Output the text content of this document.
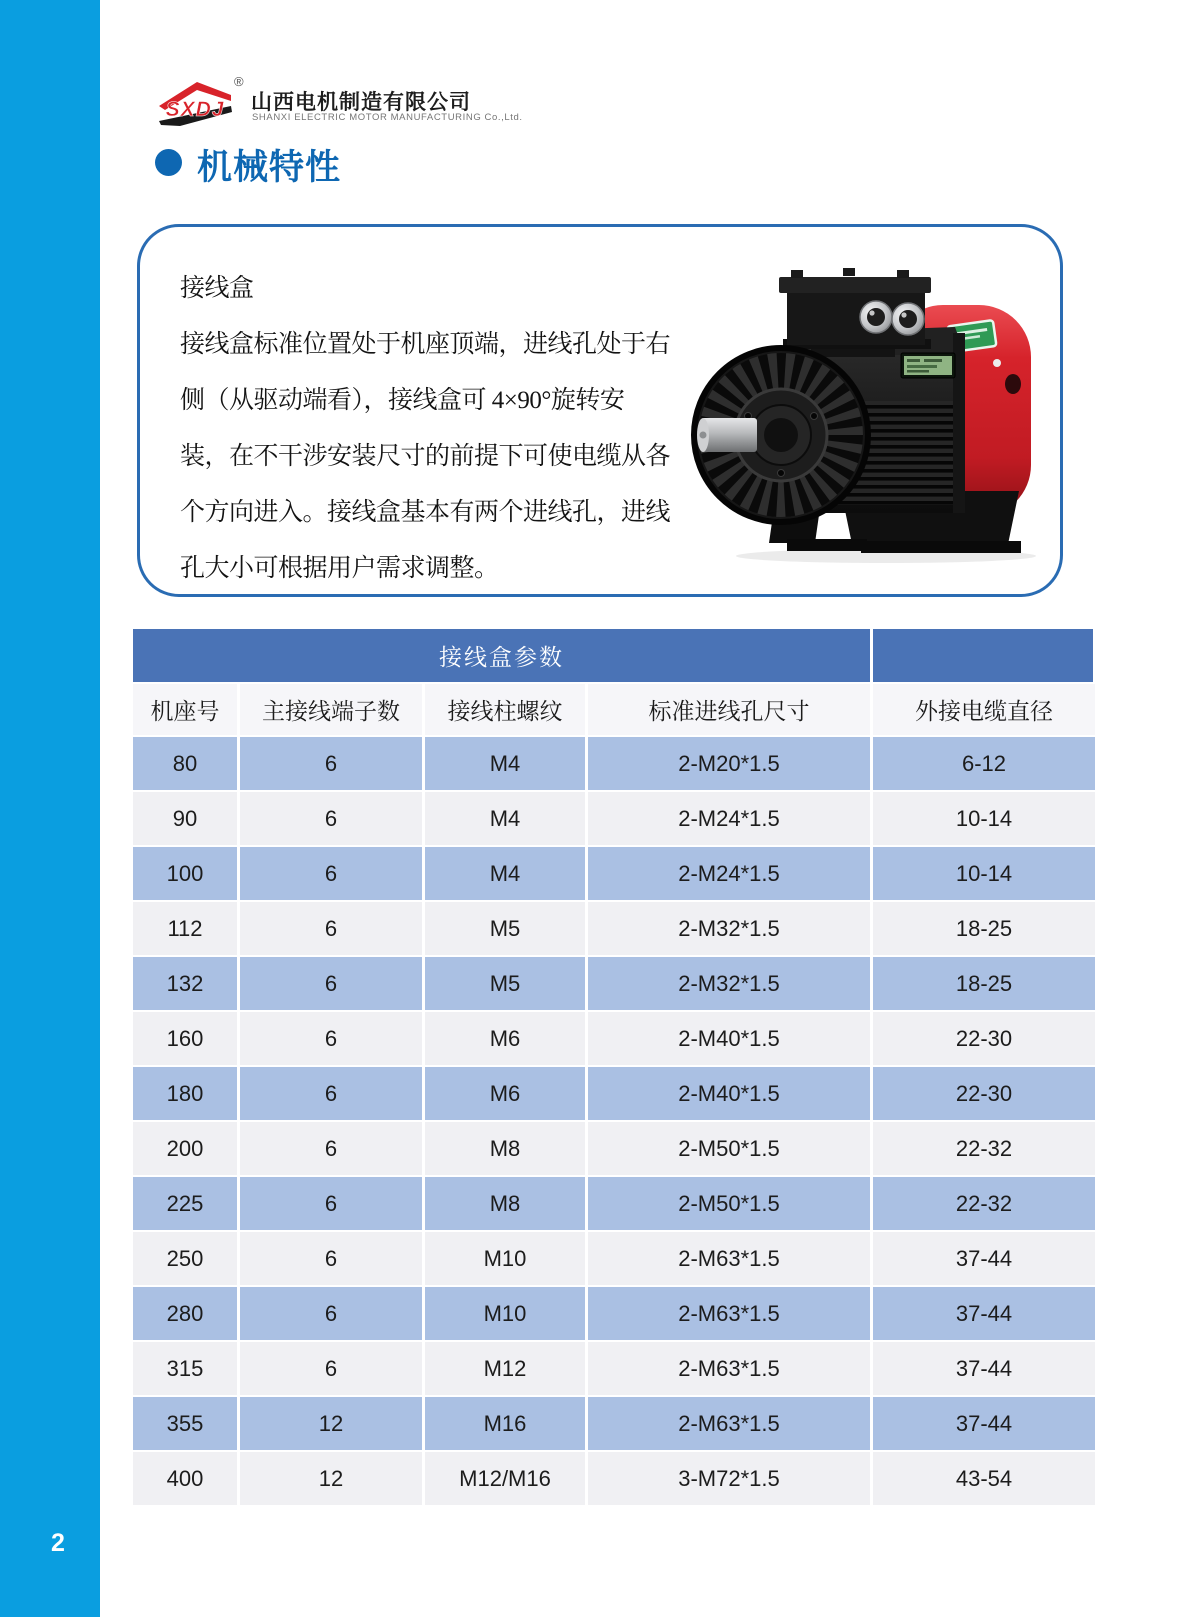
2
SXDJ
®
山西电机制造有限公司
SHANXI ELECTRIC MOTOR MANUFACTURING Co.,Ltd.
机械特性
接线盒
接线盒标准位置处于机座顶端，进线孔处于右
侧（从驱动端看），接线盒可 4×90°旋转安
装，在不干涉安装尺寸的前提下可使电缆从各
个方向进入。接线盒基本有两个进线孔，进线
孔大小可根据用户需求调整。
接线盒参数
机座号	主接线端子数	接线柱螺纹	标准进线孔尺寸	外接电缆直径
80	6	M4	2-M20*1.5	6-12
90	6	M4	2-M24*1.5	10-14
100	6	M4	2-M24*1.5	10-14
112	6	M5	2-M32*1.5	18-25
132	6	M5	2-M32*1.5	18-25
160	6	M6	2-M40*1.5	22-30
180	6	M6	2-M40*1.5	22-30
200	6	M8	2-M50*1.5	22-32
225	6	M8	2-M50*1.5	22-32
250	6	M10	2-M63*1.5	37-44
280	6	M10	2-M63*1.5	37-44
315	6	M12	2-M63*1.5	37-44
355	12	M16	2-M63*1.5	37-44
400	12	M12/M16	3-M72*1.5	43-54
